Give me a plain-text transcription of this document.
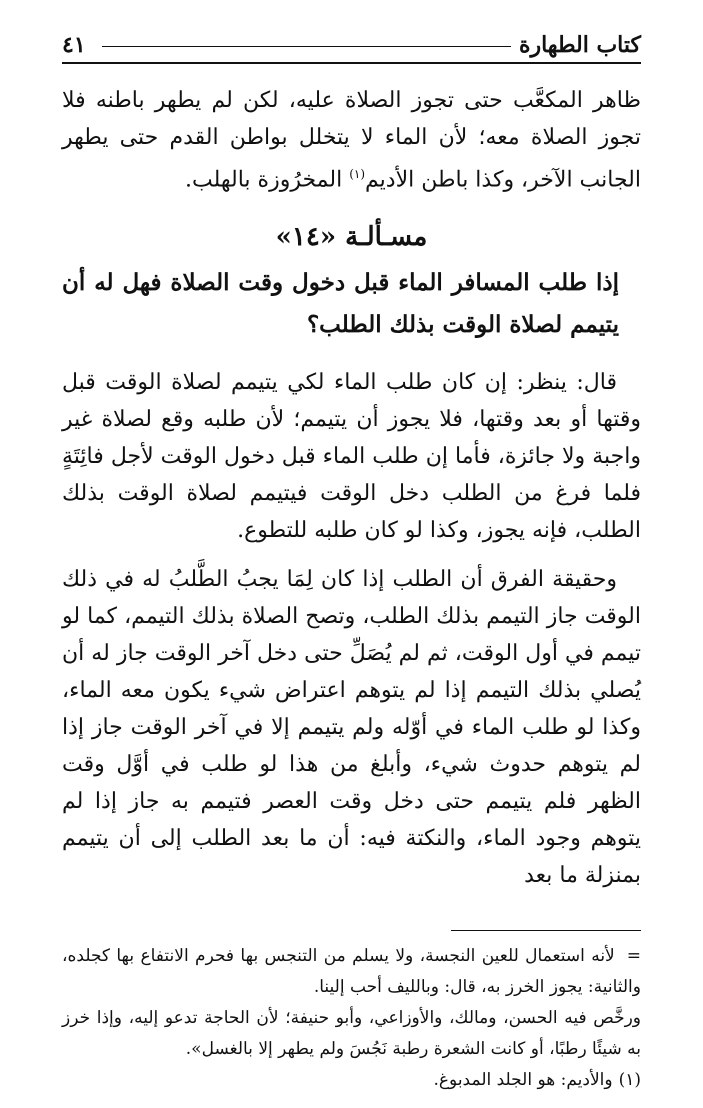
كتاب الطهارة
٤١

ظاهر المكعَّب حتى تجوز الصلاة عليه، لكن لم يطهر باطنه فلا تجوز الصلاة معه؛ لأن الماء لا يتخلل بواطن القدم حتى يطهر الجانب الآخر، وكذا باطن الأديم$^{(١)}$ المخرُوزة بالهلب.

مسـألـة «١٤»

إذا طلب المسافر الماء قبل دخول وقت الصلاة فهل له أن يتيمم لصلاة الوقت بذلك الطلب؟

قال: ينظر: إن كان طلب الماء لكي يتيمم لصلاة الوقت قبل وقتها أو بعد وقتها، فلا يجوز أن يتيمم؛ لأن طلبه وقع لصلاة غير واجبة ولا جائزة، فأما إن طلب الماء قبل دخول الوقت لأجل فائِتَةٍ فلما فرغ من الطلب دخل الوقت فيتيمم لصلاة الوقت بذلك الطلب، فإنه يجوز، وكذا لو كان طلبه للتطوع.

وحقيقة الفرق أن الطلب إذا كان لِمَا يجبُ الطَّلبُ له في ذلك الوقت جاز التيمم بذلك الطلب، وتصح الصلاة بذلك التيمم، كما لو تيمم في أول الوقت، ثم لم يُصَلِّ حتى دخل آخر الوقت جاز له أن يُصلي بذلك التيمم إذا لم يتوهم اعتراض شيء يكون معه الماء، وكذا لو طلب الماء في أوّله ولم يتيمم إلا في آخر الوقت جاز إذا لم يتوهم حدوث شيء، وأبلغ من هذا لو طلب في أوَّل وقت الظهر فلم يتيمم حتى دخل وقت العصر فتيمم به جاز إذا لم يتوهم وجود الماء، والنكتة فيه: أن ما بعد الطلب إلى أن يتيمم بمنزلة ما بعد

=لأنه استعمال للعين النجسة، ولا يسلم من التنجس بها فحرم الانتفاع بها كجلده، والثانية: يجوز الخرز به، قال: وبالليف أحب إلينا.

ورخَّص فيه الحسن، ومالك، والأوزاعي، وأبو حنيفة؛ لأن الحاجة تدعو إليه، وإذا خرز به شيئًا رطبًا، أو كانت الشعرة رطبة نَجُسَ ولم يطهر إلا بالغسل».

(١)والأديم: هو الجلد المدبوغ.
